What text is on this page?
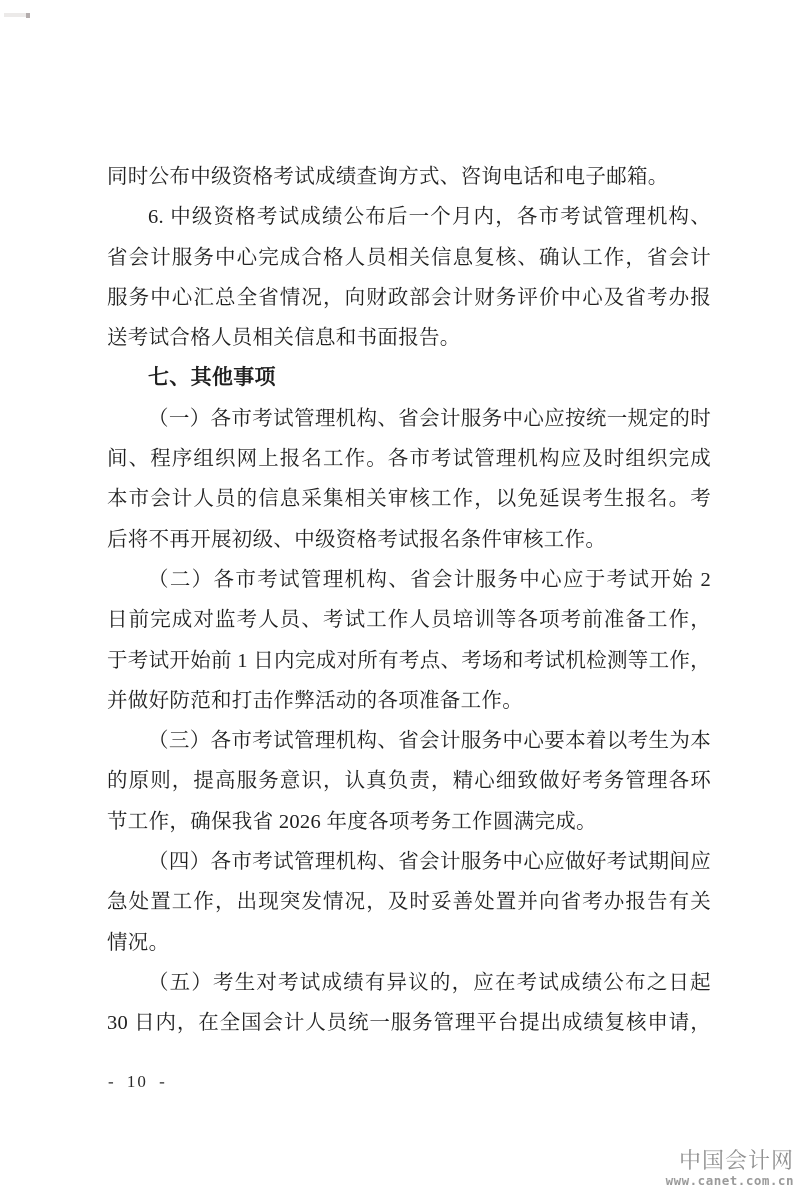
同时公布中级资格考试成绩查询方式、咨询电话和电子邮箱。
6. 中级资格考试成绩公布后一个月内，各市考试管理机构、
省会计服务中心完成合格人员相关信息复核、确认工作，省会计
服务中心汇总全省情况，向财政部会计财务评价中心及省考办报
送考试合格人员相关信息和书面报告。
七、其他事项
（一）各市考试管理机构、省会计服务中心应按统一规定的时
间、程序组织网上报名工作。各市考试管理机构应及时组织完成
本市会计人员的信息采集相关审核工作，以免延误考生报名。考
后将不再开展初级、中级资格考试报名条件审核工作。
（二）各市考试管理机构、省会计服务中心应于考试开始 2
日前完成对监考人员、考试工作人员培训等各项考前准备工作，
于考试开始前 1 日内完成对所有考点、考场和考试机检测等工作，
并做好防范和打击作弊活动的各项准备工作。
（三）各市考试管理机构、省会计服务中心要本着以考生为本
的原则，提高服务意识，认真负责，精心细致做好考务管理各环
节工作，确保我省 2026 年度各项考务工作圆满完成。
（四）各市考试管理机构、省会计服务中心应做好考试期间应
急处置工作，出现突发情况，及时妥善处置并向省考办报告有关
情况。
（五）考生对考试成绩有异议的，应在考试成绩公布之日起
30 日内，在全国会计人员统一服务管理平台提出成绩复核申请，
- 10 -
中国会计网
www.canet.com.cn
